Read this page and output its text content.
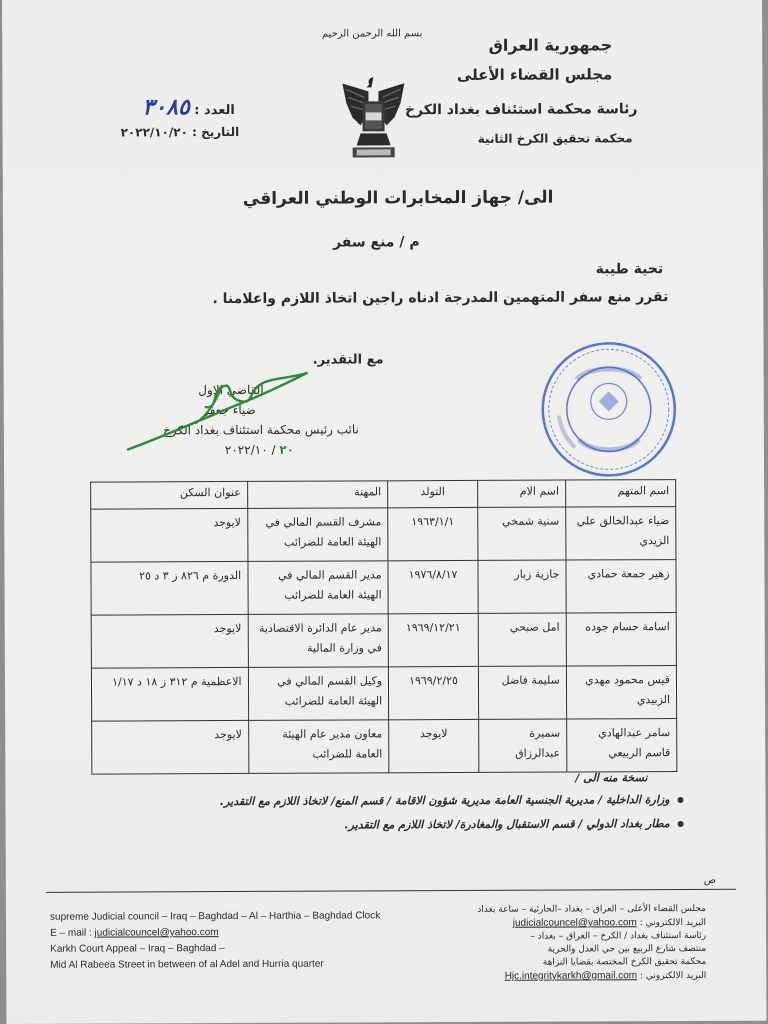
بسم الله الرحمن الرحيم
جمهورية العراق
مجلس القضاء الأعلى
رئاسة محكمة استئناف بغداد الكرخ
محكمة تحقيق الكرخ الثانية
العدد : ٣٠٨٥
التاريخ : ٢٠٢٢/١٠/٢٠
الى/ جهاز المخابرات الوطني العراقي
م / منع سفر
تحية طيبة
تقرر منع سفر المتهمين المدرجة ادناه راجين اتخاذ اللازم واعلامنا .
مع التقدير.
القاضي الاول
ضياء جعفر
نائب رئيس محكمة استئناف بغداد الكرخ
٢٠ / ٢٠٢٢/١٠
اسم المتهم	اسم الام	التولد	المهنة	عنوان السكن
ضياء عبدالخالق علي الزيدي	سنية شمخي	١٩٦٣/١/١	مشرف القسم المالي في الهيئة العامة للضرائب	لايوجد
زهير جمعة حمادي	جازية زبار	١٩٧٦/٨/١٧	مدير القسم المالي في الهيئة العامة للضرائب	الدورة م ٨٢٦ ز ٣ د ٢٥
اسامة حسام جوده	امل صبحي	١٩٦٩/١٢/٢١	مدير عام الدائرة الاقتصادية في وزارة المالية	لايوجد
قيس محمود مهدي الزبيدي	سليمة فاضل	١٩٦٩/٢/٢٥	وكيل القسم المالي في الهيئة العامة للضرائب	الاعظمية م ٣١٢ ز ١٨ د ١/١٧
سامر عبدالهادي قاسم الربيعي	سميرة عبدالرزاق	لايوجد	معاون مدير عام الهيئة العامة للضرائب	لايوجد
نسخة منه الى /
وزارة الداخلية / مديرية الجنسية العامة مديرية شؤون الاقامة / قسم المنع/ لاتخاذ اللازم مع التقدير.
مطار بغداد الدولي / قسم الاستقبال والمغادرة/ لاتخاذ اللازم مع التقدير.
ص
supreme Judicial council – Iraq – Baghdad – Al – Harthia – Baghdad Clock
E – mail : judicialcouncel@yahoo.com
Karkh Court Appeal – Iraq – Baghdad –
Mid Al Rabeea Street in between of al Adel and Hurria quarter
مجلس القضاء الأعلى – العراق – بغداد –الحارثية – ساعة بغداد
البريد الالكتروني : judicialcouncel@yahoo.com
رئاسة استئناف بغداد / الكرخ – العراق – بغداد –
منتصف شارع الربيع بين حي العدل والحرية
محكمة تحقيق الكرخ المختصة بقضايا النزاهة
البريد الالكتروني : Hjc.integritykarkh@gmail.com
